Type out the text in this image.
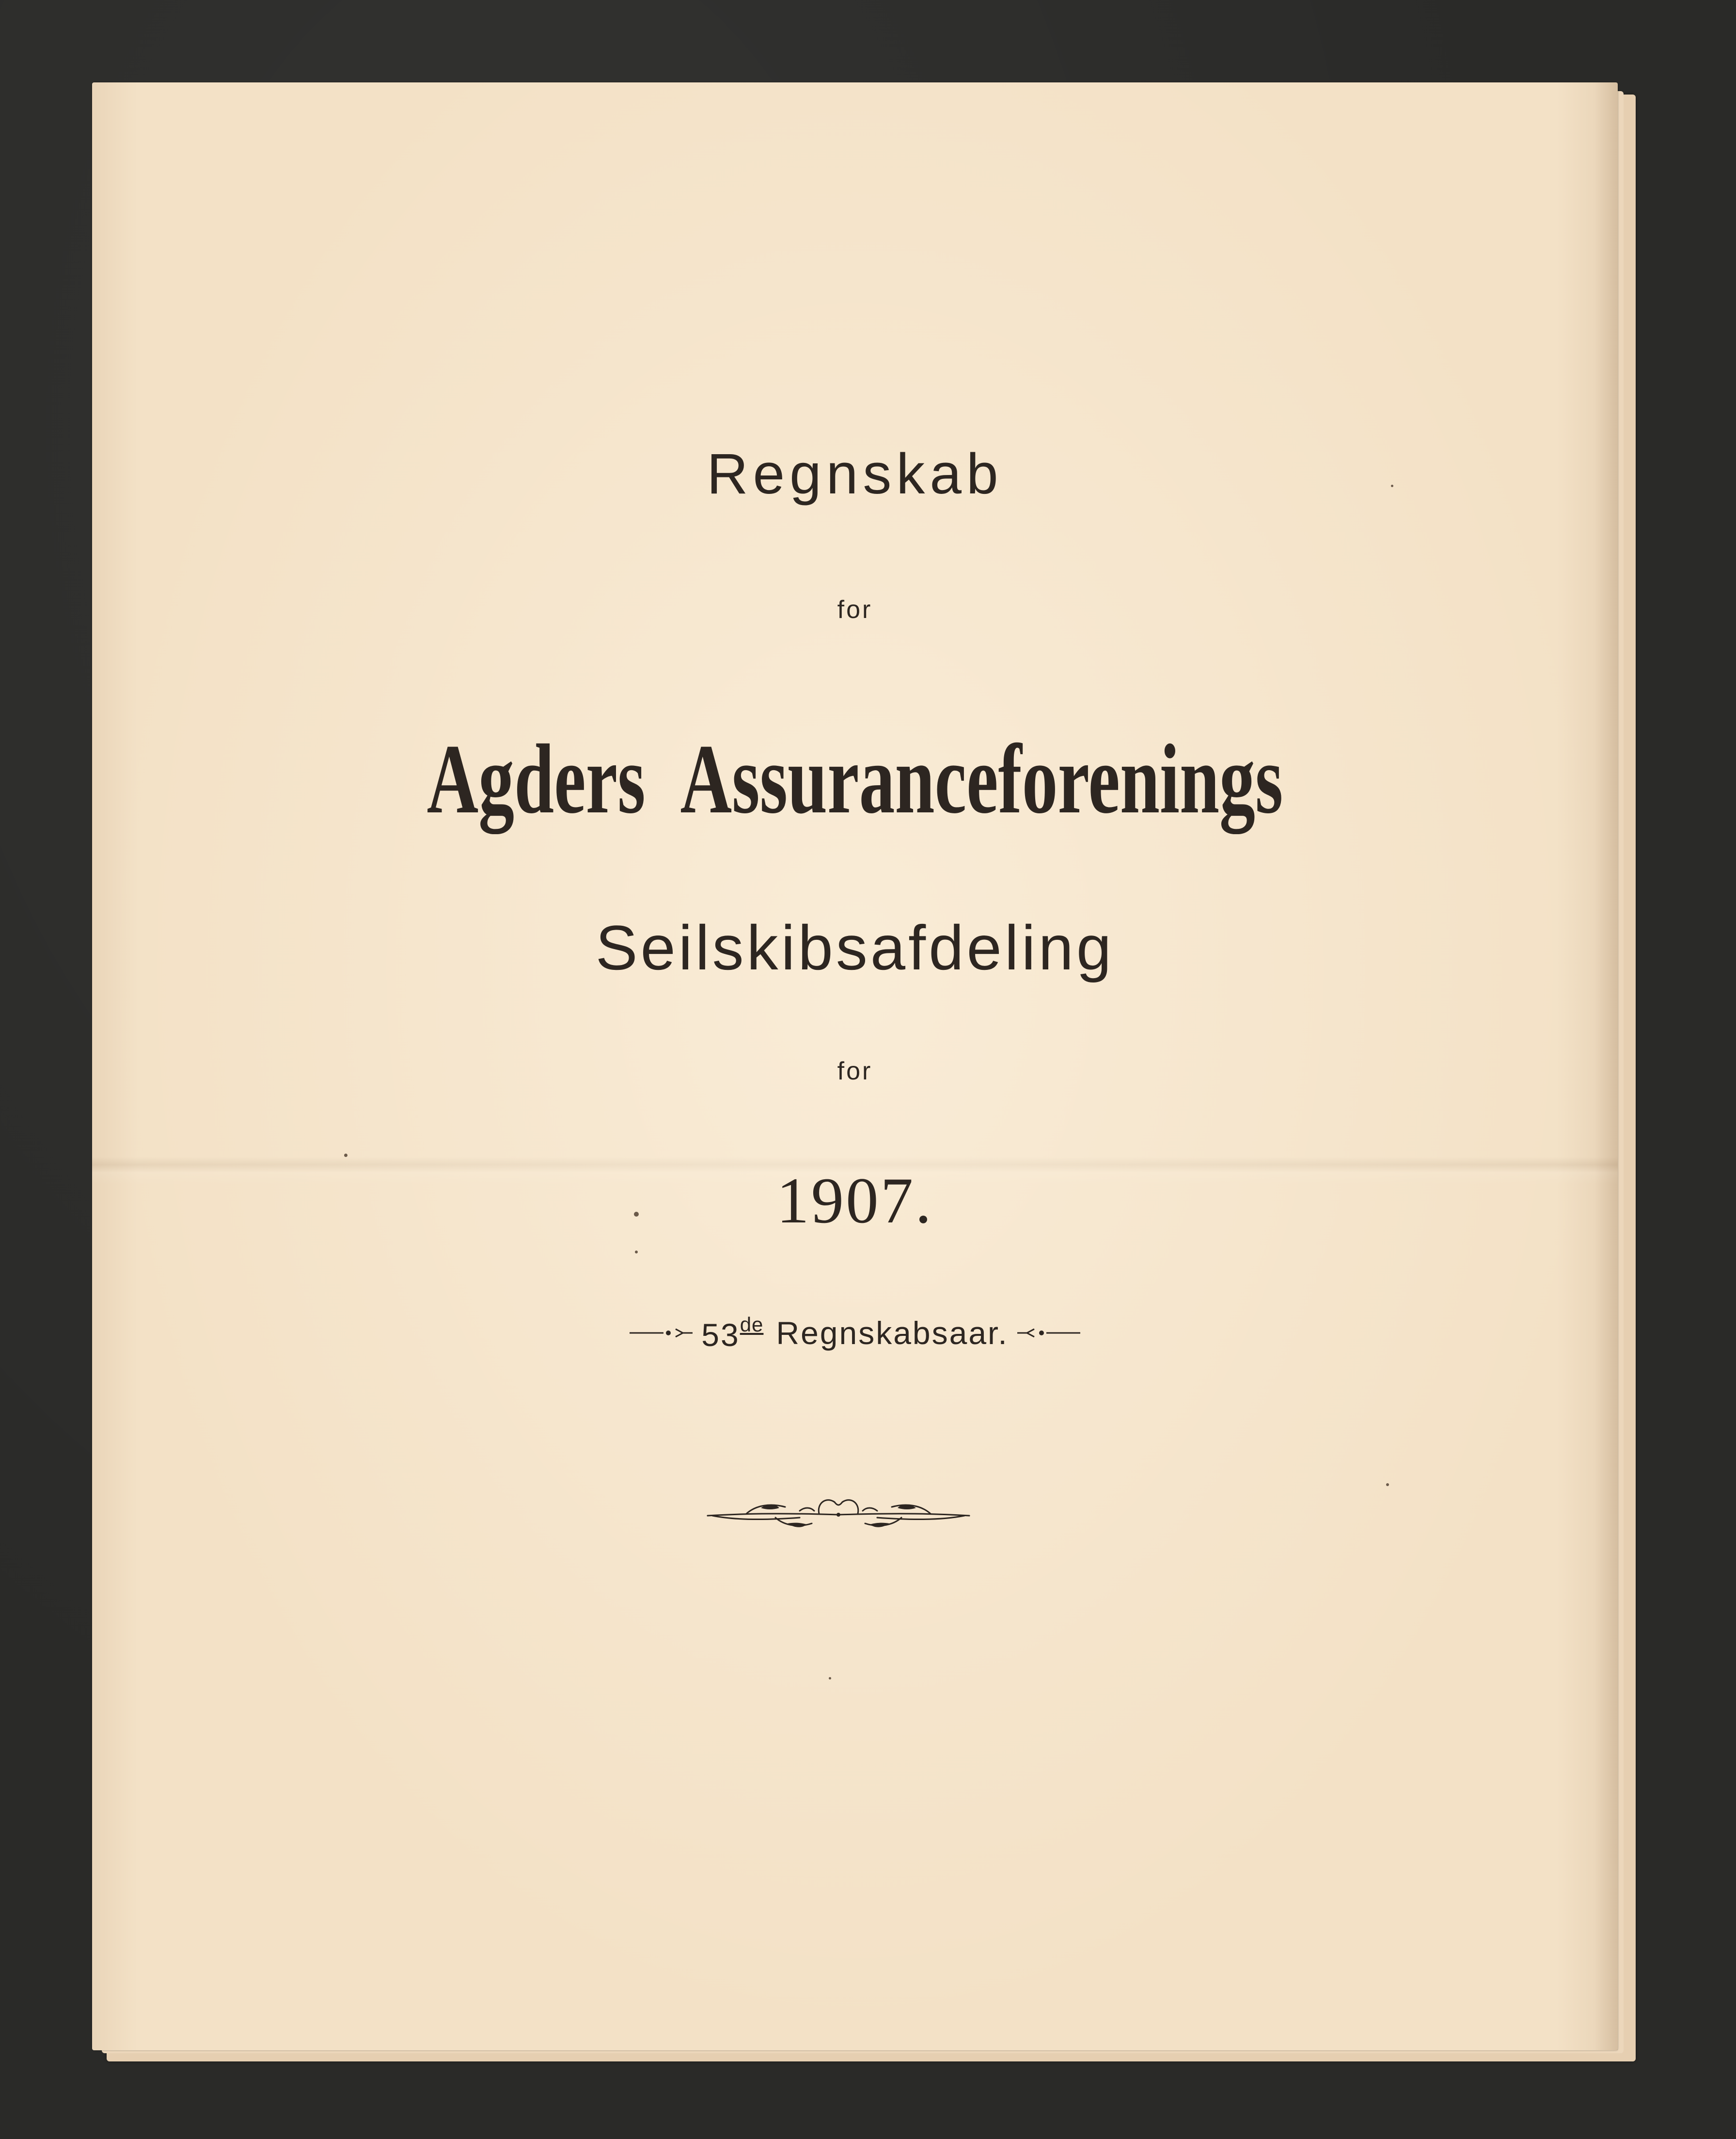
Regnskab
for
Agders Assuranceforenings
Seilskibsafdeling
for
1907.
53de Regnskabsaar.
